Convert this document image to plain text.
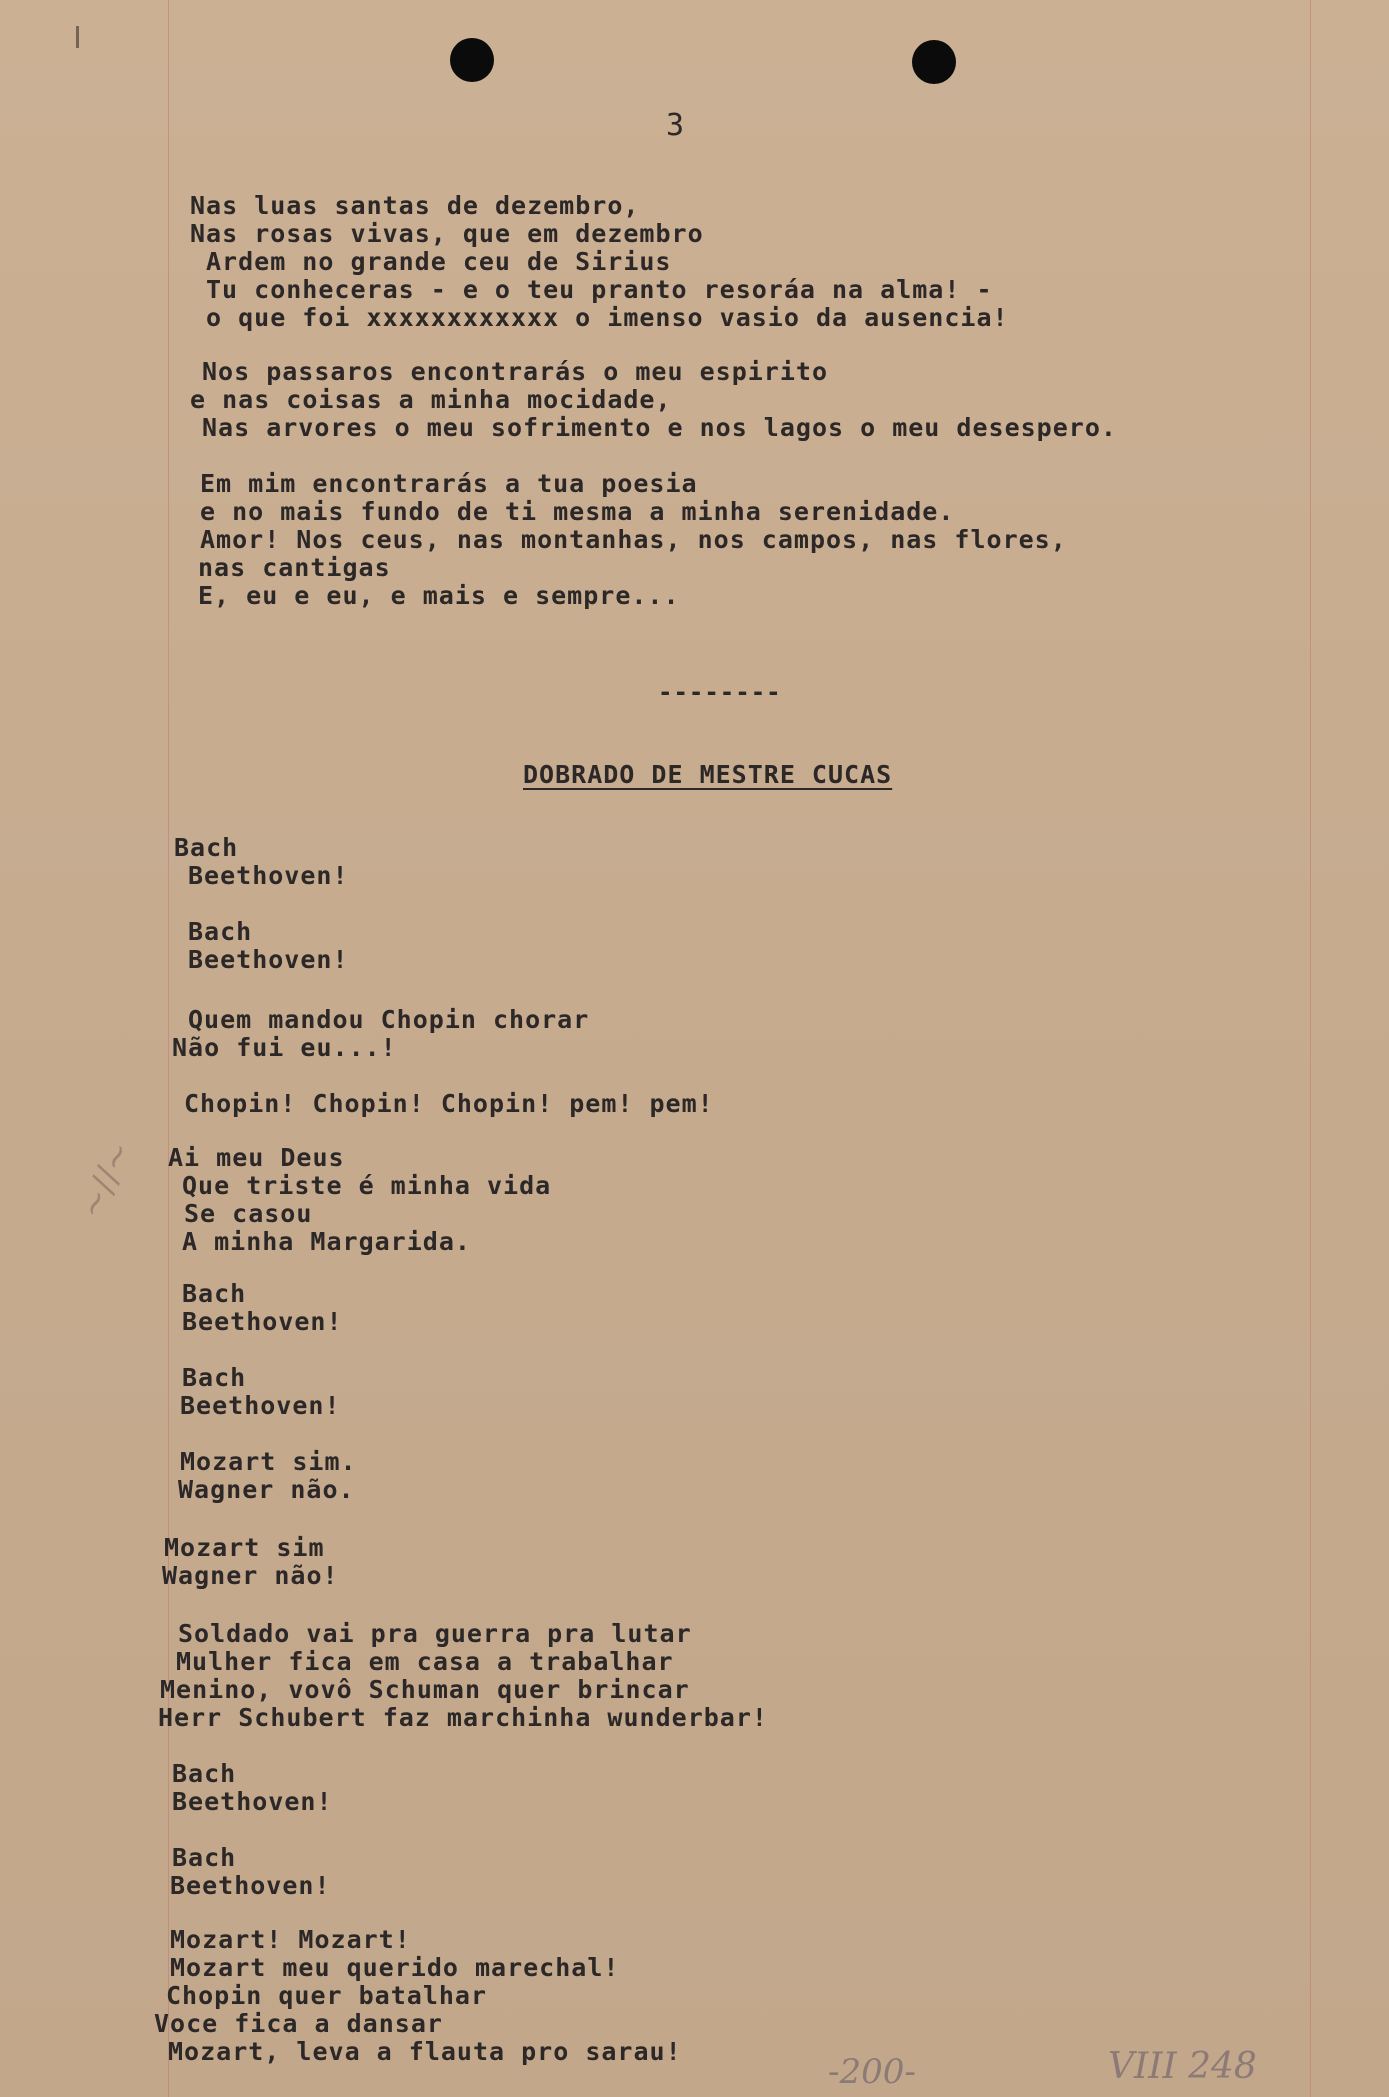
3
Nas luas santas de dezembro,
Nas rosas vivas, que em dezembro
Ardem no grande ceu de Sirius
Tu conheceras - e o teu pranto resoráa na alma! -
o que foi xxxxxxxxxxxx o imenso vasio da ausencia!
Nos passaros encontrarás o meu espirito
e nas coisas a minha mocidade,
Nas arvores o meu sofrimento e nos lagos o meu desespero.
Em mim encontrarás a tua poesia
e no mais fundo de ti mesma a minha serenidade.
Amor! Nos ceus, nas montanhas, nos campos, nas flores,
nas cantigas
E, eu e eu, e mais e sempre...
--------
DOBRADO DE MESTRE CUCAS
Bach
Beethoven!
Bach
Beethoven!
Quem mandou Chopin chorar
Não fui eu...!
Chopin! Chopin! Chopin! pem! pem!
Ai meu Deus
Que triste é minha vida
Se casou
A minha Margarida.
Bach
Beethoven!
Bach
Beethoven!
Mozart sim.
Wagner não.
Mozart sim
Wagner não!
Soldado vai pra guerra pra lutar
Mulher fica em casa a trabalhar
Menino, vovô Schuman quer brincar
Herr Schubert faz marchinha wunderbar!
Bach
Beethoven!
Bach
Beethoven!
Mozart! Mozart!
Mozart meu querido marechal!
Chopin quer batalhar
Voce fica a dansar
Mozart, leva a flauta pro sarau!
~//~
-200-	VIII 248
